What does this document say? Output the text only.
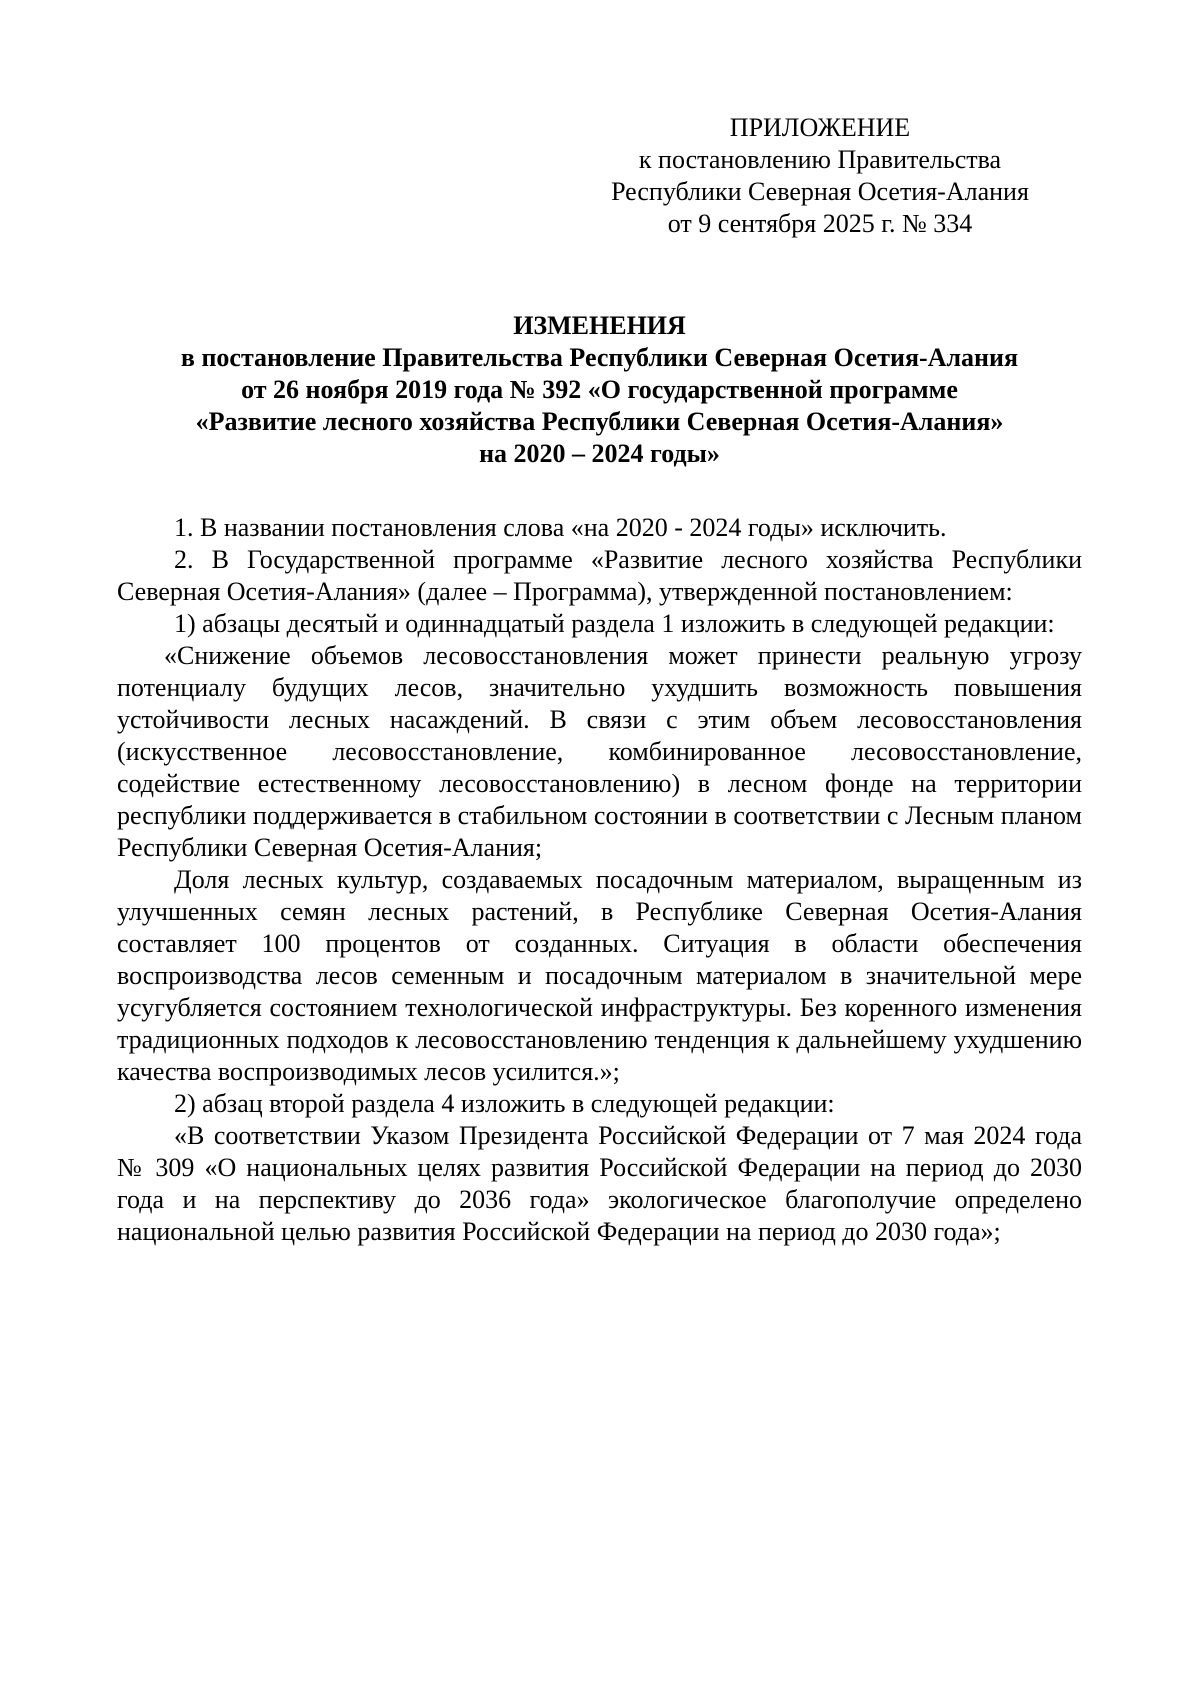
ПРИЛОЖЕНИЕ
к постановлению Правительства
Республики Северная Осетия-Алания
от 9 сентября 2025 г. № 334
ИЗМЕНЕНИЯ
в постановление Правительства Республики Северная Осетия-Алания
от 26 ноября 2019 года № 392 «О государственной программе
«Развитие лесного хозяйства Республики Северная Осетия-Алания»
на 2020 – 2024 годы»

1. В названии постановления слова «на 2020 - 2024 годы» исключить.

2. В Государственной программе «Развитие лесного хозяйства Республики Северная Осетия-Алания» (далее – Программа), утвержденной постановлением:

1) абзацы десятый и одиннадцатый раздела 1 изложить в следующей редакции:

«Снижение объемов лесовосстановления может принести реальную угрозу потенциалу будущих лесов, значительно ухудшить возможность повышения устойчивости лесных насаждений. В связи с этим объем лесовосстановления (искусственное лесовосстановление, комбинированное лесовосстановление, содействие естественному лесовосстановлению) в лесном фонде на территории республики поддерживается в стабильном состоянии в соответствии с Лесным планом Республики Северная Осетия-Алания;

Доля лесных культур, создаваемых посадочным материалом, выращенным из улучшенных семян лесных растений, в Республике Северная Осетия-Алания составляет 100 процентов от созданных. Ситуация в области обеспечения воспроизводства лесов семенным и посадочным материалом в значительной мере усугубляется состоянием технологической инфраструктуры. Без коренного изменения традиционных подходов к лесовосстановлению тенденция к дальнейшему ухудшению качества воспроизводимых лесов усилится.»;

2) абзац второй раздела 4 изложить в следующей редакции:

«В соответствии Указом Президента Российской Федерации от 7 мая 2024 года № 309 «О национальных целях развития Российской Федерации на период до 2030 года и на перспективу до 2036 года» экологическое благополучие определено национальной целью развития Российской Федерации на период до 2030 года»;
